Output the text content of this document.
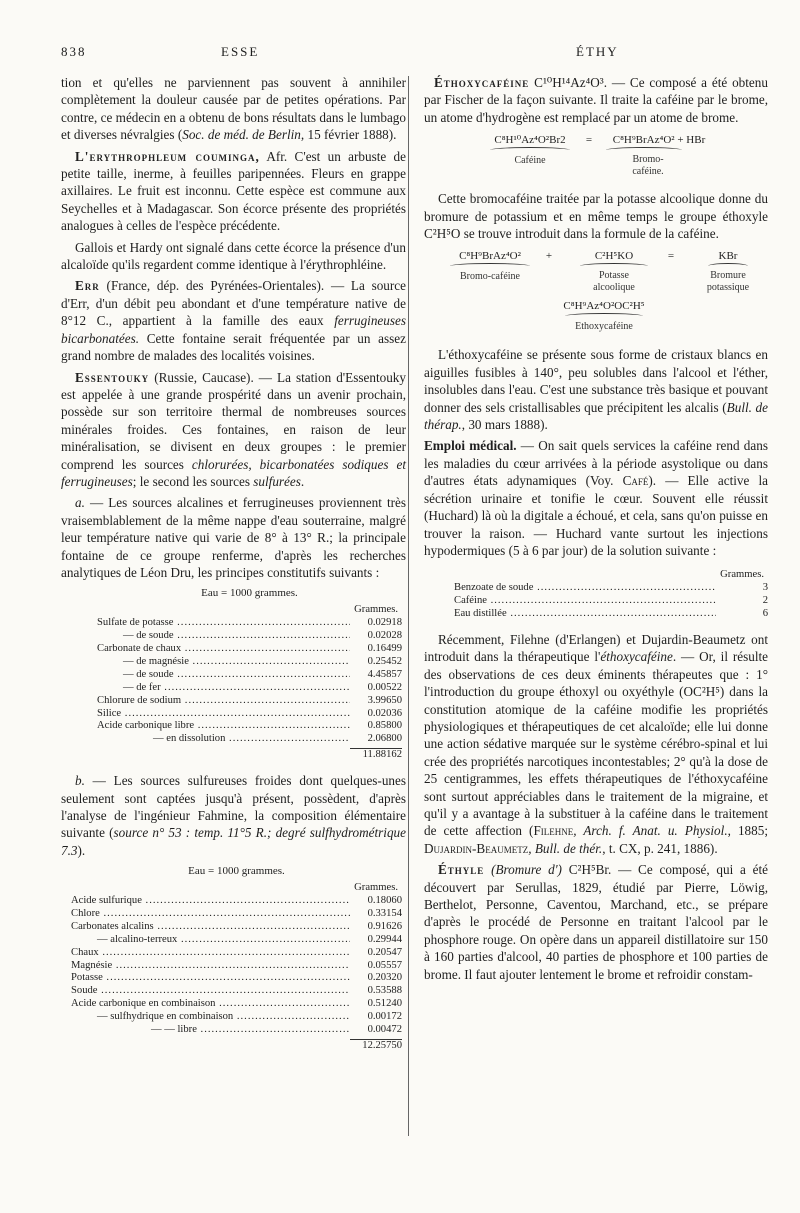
838	ESSE	ÉTHY

tion et qu'elles ne parviennent pas souvent à annihiler complètement la douleur causée par de petites opérations. Par contre, ce médecin en a obtenu de bons résultats dans le lumbago et diverses névralgies (Soc. de méd. de Berlin, 15 février 1888).

L'erythrophleum couminga, Afr. C'est un arbuste de petite taille, inerme, à feuilles paripennées. Fleurs en grappe axillaires. Le fruit est inconnu. Cette espèce est commune aux Seychelles et à Madagascar. Son écorce présente des propriétés analogues à celles de l'espèce précédente.

Gallois et Hardy ont signalé dans cette écorce la présence d'un alcaloïde qu'ils regardent comme identique à l'érythrophléine.

Err (France, dép. des Pyrénées-Orientales). — La source d'Err, d'un débit peu abondant et d'une température native de 8°12 C., appartient à la famille des eaux ferrugineuses bicarbonatées. Cette fontaine serait fréquentée par un assez grand nombre de malades des localités voisines.

Essentouky (Russie, Caucase). — La station d'Essentouky est appelée à une grande prospérité dans un avenir prochain, possède sur son territoire thermal de nombreuses sources minérales froides. Ces fontaines, en raison de leur minéralisation, se divisent en deux groupes : le premier comprend les sources chlorurées, bicarbonatées sodiques et ferrugineuses; le second les sources sulfurées.

a. — Les sources alcalines et ferrugineuses proviennent très vraisemblablement de la même nappe d'eau souterraine, malgré leur température native qui varie de 8° à 13° R.; la principale fontaine de ce groupe renferme, d'après les recherches analytiques de Léon Dru, les principes constitutifs suivants :

Eau = 1000 grammes.
Grammes.
Sulfate de potasse .....	0.02918
— de soude .....	0.02028
Carbonate de chaux .....	0.16499
— de magnésie .....	0.25452
— de soude .....	4.45857
— de fer .....	0.00522
Chlorure de sodium .....	3.99650
Silice .....	0.02036
Acide carbonique libre .....	0.85800
— en dissolution .....	2.06800
11.88162

b. — Les sources sulfureuses froides dont quelques-unes seulement sont captées jusqu'à présent, possèdent, d'après l'analyse de l'ingénieur Fahmine, la composition élémentaire suivante (source n° 53 : temp. 11°5 R.; degré sulfhydrométrique 7.3).

Eau = 1000 grammes.
Grammes.
Acide sulfurique .....	0.18060
Chlore .....	0.33154
Carbonates alcalins .....	0.91626
— alcalino-terreux .....	0.29944
Chaux .....	0.20547
Magnésie .....	0.05557
Potasse .....	0.20320
Soude .....	0.53588
Acide carbonique en combinaison .....	0.51240
— sulfhydrique en combinaison .....	0.00172
— — libre .....	0.00472
12.25750

Éthoxycaféine C¹⁰H¹⁴Az⁴O³. — Ce composé a été obtenu par Fischer de la façon suivante. Il traite la caféine par le brome, un atome d'hydrogène est remplacé par un atome de brome.

C⁸H¹⁰Az⁴O²Br2
Caféine
=	C⁸H⁹BrAz⁴O² + HBr
Bromo-caféine.

Cette bromocaféine traitée par la potasse alcoolique donne du bromure de potassium et en même temps le groupe éthoxyle C²H⁵O se trouve introduit dans la formule de la caféine.

C⁸H⁹BrAz⁴O²
Bromo-caféine
+	C²H⁵KO
Potasse alcoolique
=	KBr
Bromure potassique
C⁸H⁹Az⁴O²OC²H⁵
Ethoxycaféine

L'éthoxycaféine se présente sous forme de cristaux blancs en aiguilles fusibles à 140°, peu solubles dans l'alcool et l'éther, insolubles dans l'eau. C'est une substance très basique et pouvant donner des sels cristallisables que précipitent les alcalis (Bull. de thérap., 30 mars 1888).

Emploi médical. — On sait quels services la caféine rend dans les maladies du cœur arrivées à la période asystolique ou dans d'autres états adynamiques (Voy. Café). — Elle active la sécrétion urinaire et tonifie le cœur. Souvent elle réussit (Huchard) là où la digitale a échoué, et cela, sans qu'on puisse en trouver la raison. — Huchard vante surtout les injections hypodermiques (5 à 6 par jour) de la solution suivante :

Grammes.
Benzoate de soude .....	3
Caféine .....	2
Eau distillée .....	6

Récemment, Filehne (d'Erlangen) et Dujardin-Beaumetz ont introduit dans la thérapeutique l'éthoxycaféine. — Or, il résulte des observations de ces deux éminents thérapeutes que : 1° l'introduction du groupe éthoxyl ou oxyéthyle (OC²H⁵) dans la constitution atomique de la caféine modifie les propriétés physiologiques et thérapeutiques de cet alcaloïde; elle lui donne une action sédative marquée sur le système cérébro-spinal et lui crée des propriétés narcotiques incontestables; 2° qu'à la dose de 25 centigrammes, les effets thérapeutiques de l'éthoxycaféine sont surtout appréciables dans le traitement de la migraine, et qu'il y a avantage à la substituer à la caféine dans le traitement de cette affection (Filehne, Arch. f. Anat. u. Physiol., 1885; Dujardin-Beaumetz, Bull. de thér., t. CX, p. 241, 1886).

Éthyle (Bromure d') C²H⁵Br. — Ce composé, qui a été découvert par Serullas, 1829, étudié par Pierre, Löwig, Berthelot, Personne, Caventou, Marchand, etc., se prépare d'après le procédé de Personne en traitant l'alcool par le phosphore rouge. On opère dans un appareil distillatoire sur 150 à 160 parties d'alcool, 40 parties de phosphore et 100 parties de brome. Il faut ajouter lentement le brome et refroidir constam-
